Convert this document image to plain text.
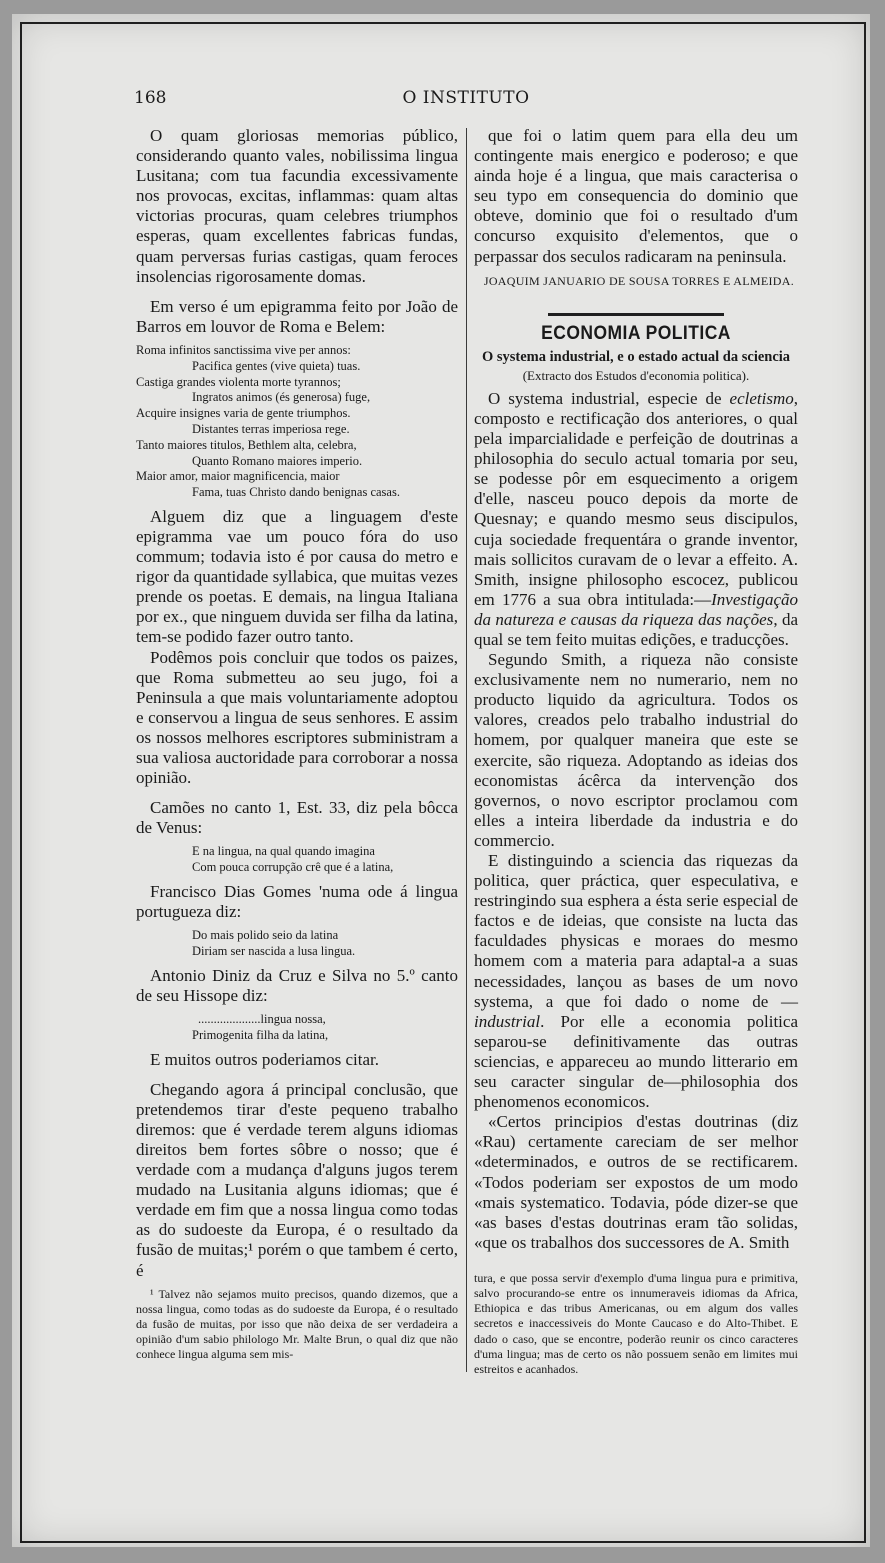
168	O INSTITUTO

O quam gloriosas memorias público, considerando quanto vales, nobilissima lingua Lusitana; com tua facundia excessivamente nos provocas, excitas, inflammas: quam altas victorias procuras, quam celebres triumphos esperas, quam excellentes fabricas fundas, quam perversas furias castigas, quam feroces insolencias rigorosamente domas.

Em verso é um epigramma feito por João de Barros em louvor de Roma e Belem:

Roma infinitos sanctissima vive per annos:
Pacifica gentes (vive quieta) tuas.
Castiga grandes violenta morte tyrannos;
Ingratos animos (és generosa) fuge,
Acquire insignes varia de gente triumphos.
Distantes terras imperiosa rege.
Tanto maiores titulos, Bethlem alta, celebra,
Quanto Romano maiores imperio.
Maior amor, maior magnificencia, maior
Fama, tuas Christo dando benignas casas.

Alguem diz que a linguagem d'este epigramma vae um pouco fóra do uso commum; todavia isto é por causa do metro e rigor da quantidade syllabica, que muitas vezes prende os poetas. E demais, na lingua Italiana por ex., que ninguem duvida ser filha da latina, tem-se podido fazer outro tanto.

Podêmos pois concluir que todos os paizes, que Roma submetteu ao seu jugo, foi a Peninsula a que mais voluntariamente adoptou e conservou a lingua de seus senhores. E assim os nossos melhores escriptores subministram a sua valiosa auctoridade para corroborar a nossa opinião.

Camões no canto 1, Est. 33, diz pela bôcca de Venus:

E na lingua, na qual quando imagina
Com pouca corrupção crê que é a latina,

Francisco Dias Gomes 'numa ode á lingua portugueza diz:

Do mais polido seio da latina
Diriam ser nascida a lusa lingua.

Antonio Diniz da Cruz e Silva no 5.º canto de seu Hissope diz:

....................lingua nossa,
Primogenita filha da latina,

E muitos outros poderiamos citar.

Chegando agora á principal conclusão, que pretendemos tirar d'este pequeno trabalho diremos: que é verdade terem alguns idiomas direitos bem fortes sôbre o nosso; que é verdade com a mudança d'alguns jugos terem mudado na Lusitania alguns idiomas; que é verdade em fim que a nossa lingua como todas as do sudoeste da Europa, é o resultado da fusão de muitas;¹ porém o que tambem é certo, é

¹ Talvez não sejamos muito precisos, quando dizemos, que a nossa lingua, como todas as do sudoeste da Europa, é o resultado da fusão de muitas, por isso que não deixa de ser verdadeira a opinião d'um sabio philologo Mr. Malte Brun, o qual diz que não conhece lingua alguma sem mis-

que foi o latim quem para ella deu um contingente mais energico e poderoso; e que ainda hoje é a lingua, que mais caracterisa o seu typo em consequencia do dominio que obteve, dominio que foi o resultado d'um concurso exquisito d'elementos, que o perpassar dos seculos radicaram na peninsula.

JOAQUIM JANUARIO DE SOUSA TORRES E ALMEIDA.
ECONOMIA POLITICA
O systema industrial, e o estado actual da sciencia
(Extracto dos Estudos d'economia politica).

O systema industrial, especie de ecletismo, composto e rectificação dos anteriores, o qual pela imparcialidade e perfeição de doutrinas a philosophia do seculo actual tomaria por seu, se podesse pôr em esquecimento a origem d'elle, nasceu pouco depois da morte de Quesnay; e quando mesmo seus discipulos, cuja sociedade frequentára o grande inventor, mais sollicitos curavam de o levar a effeito. A. Smith, insigne philosopho escocez, publicou em 1776 a sua obra intitulada:—Investigação da natureza e causas da riqueza das nações, da qual se tem feito muitas edições, e traducções.

Segundo Smith, a riqueza não consiste exclusivamente nem no numerario, nem no producto liquido da agricultura. Todos os valores, creados pelo trabalho industrial do homem, por qualquer maneira que este se exercite, são riqueza. Adoptando as ideias dos economistas ácêrca da intervenção dos governos, o novo escriptor proclamou com elles a inteira liberdade da industria e do commercio.

E distinguindo a sciencia das riquezas da politica, quer práctica, quer especulativa, e restringindo sua esphera a ésta serie especial de factos e de ideias, que consiste na lucta das faculdades physicas e moraes do mesmo homem com a materia para adaptal-a a suas necessidades, lançou as bases de um novo systema, a que foi dado o nome de — industrial. Por elle a economia politica separou-se definitivamente das outras sciencias, e appareceu ao mundo litterario em seu caracter singular de—philosophia dos phenomenos economicos.

«Certos principios d'estas doutrinas (diz «Rau) certamente careciam de ser melhor «determinados, e outros de se rectificarem. «Todos poderiam ser expostos de um modo «mais systematico. Todavia, póde dizer-se que «as bases d'estas doutrinas eram tão solidas, «que os trabalhos dos successores de A. Smith

tura, e que possa servir d'exemplo d'uma lingua pura e primitiva, salvo procurando-se entre os innumeraveis idiomas da Africa, Ethiopica e das tribus Americanas, ou em algum dos valles secretos e inaccessiveis do Monte Caucaso e do Alto-Thibet. E dado o caso, que se encontre, poderão reunir os cinco caracteres d'uma lingua; mas de certo os não possuem senão em limites mui estreitos e acanhados.
